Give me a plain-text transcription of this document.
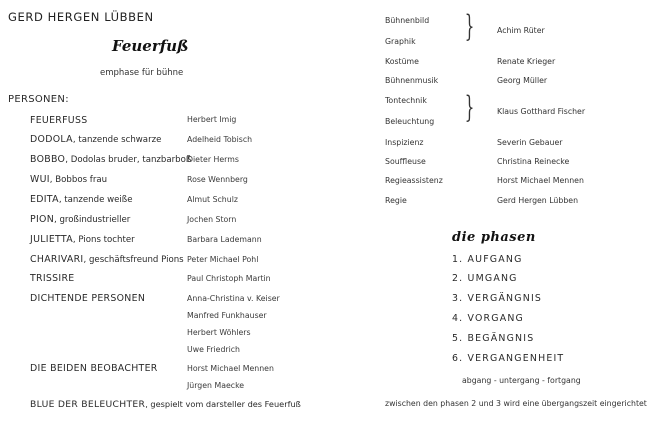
GERD HERGEN LÜBBEN
Feuerfuß
emphase für bühne
PERSONEN:
FEUERFUSS
DODOLA, tanzende schwarze
BOBBO, Dodolas bruder, tanzbarboß
WUI, Bobbos frau
EDITA, tanzende weiße
PION, großindustrieller
JULIETTA, Pions tochter
CHARIVARI, geschäftsfreund Pions
TRISSIRE
DICHTENDE PERSONEN
DIE BEIDEN BEOBACHTER
Herbert Imig
Adelheid Tobisch
Dieter Herms
Rose Wennberg
Almut Schulz
Jochen Storn
Barbara Lademann
Peter Michael Pohl
Paul Christoph Martin
Anna-Christina v. Keiser
Manfred Funkhauser
Herbert Wöhlers
Uwe Friedrich
Horst Michael Mennen
Jürgen Maecke
BLUE DER BELEUCHTER, gespielt vom darsteller des Feuerfuß
Bühnenbild
Graphik
Kostüme
Bühnenmusik
Tontechnik
Beleuchtung
Inspizienz
Souffleuse
Regieassistenz
Regie
}
}
Achim Rüter
Renate Krieger
Georg Müller
Klaus Gotthard Fischer
Severin Gebauer
Christina Reinecke
Horst Michael Mennen
Gerd Hergen Lübben
die phasen
1. AUFGANG
2. UMGANG
3. VERGÄNGNIS
4. VORGANG
5. BEGÄNGNIS
6. VERGANGENHEIT
abgang - untergang - fortgang
zwischen den phasen 2 und 3 wird eine übergangszeit eingerichtet
